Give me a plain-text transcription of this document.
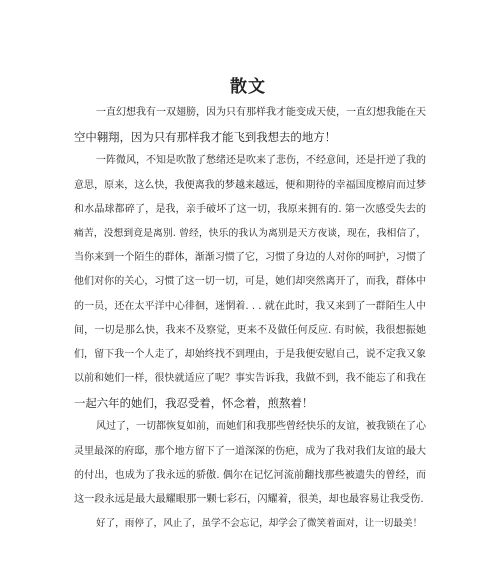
散文
一直幻想我有一双翅膀，因为只有那样我才能变成天使，一直幻想我能在天
空中翱翔，因为只有那样我才能飞到我想去的地方！
一阵微风，不知是吹散了愁绪还是吹来了悲伤，不经意间，还是扞逆了我的
意思，原来，这么快，我便离我的梦越来越远，便和期待的幸福国度檫肩而过梦
和水晶球都碎了，是我，亲手破坏了这一切，我原来拥有的. 第一次感受失去的
痛苦，没想到竟是离别. 曾经，快乐的我认为离别是天方夜谈，现在，我相信了，
当你来到一个陌生的群体，渐渐习惯了它，习惯了身边的人对你的呵护，习惯了
他们对你的关心，习惯了这一切一切，可是，她们却突然离开了，而我，群体中
的一员，还在太平洋中心徘徊，迷惘着. . . 就在此时，我又来到了一群陌生人中
间，一切是那么快，我来不及察觉，更来不及做任何反应. 有时候，我很想振她
们，留下我一个人走了，却始终找不到理由，于是我便安慰自己，说不定我又象
以前和她们一样，很快就适应了呢？事实告诉我，我做不到，我不能忘了和我在
一起六年的她们，我忍受着，怀念着，煎熬着！
风过了，一切都恢复如前，而她们和我那些曾经快乐的友谊，被我锁在了心
灵里最深的府邸，那个地方留下了一道深深的伤疤，成为了我对我们友谊的最大
的付出，也成为了我永远的骄傲. 偶尔在记忆河流前翻找那些被遗失的曾经，而
这一段永远是最大最耀眼那一颗七彩石，闪耀着，很美，却也最容易让我受伤.
好了，雨停了，风止了，虽学不会忘记，却学会了微笑着面对，让一切最美！
